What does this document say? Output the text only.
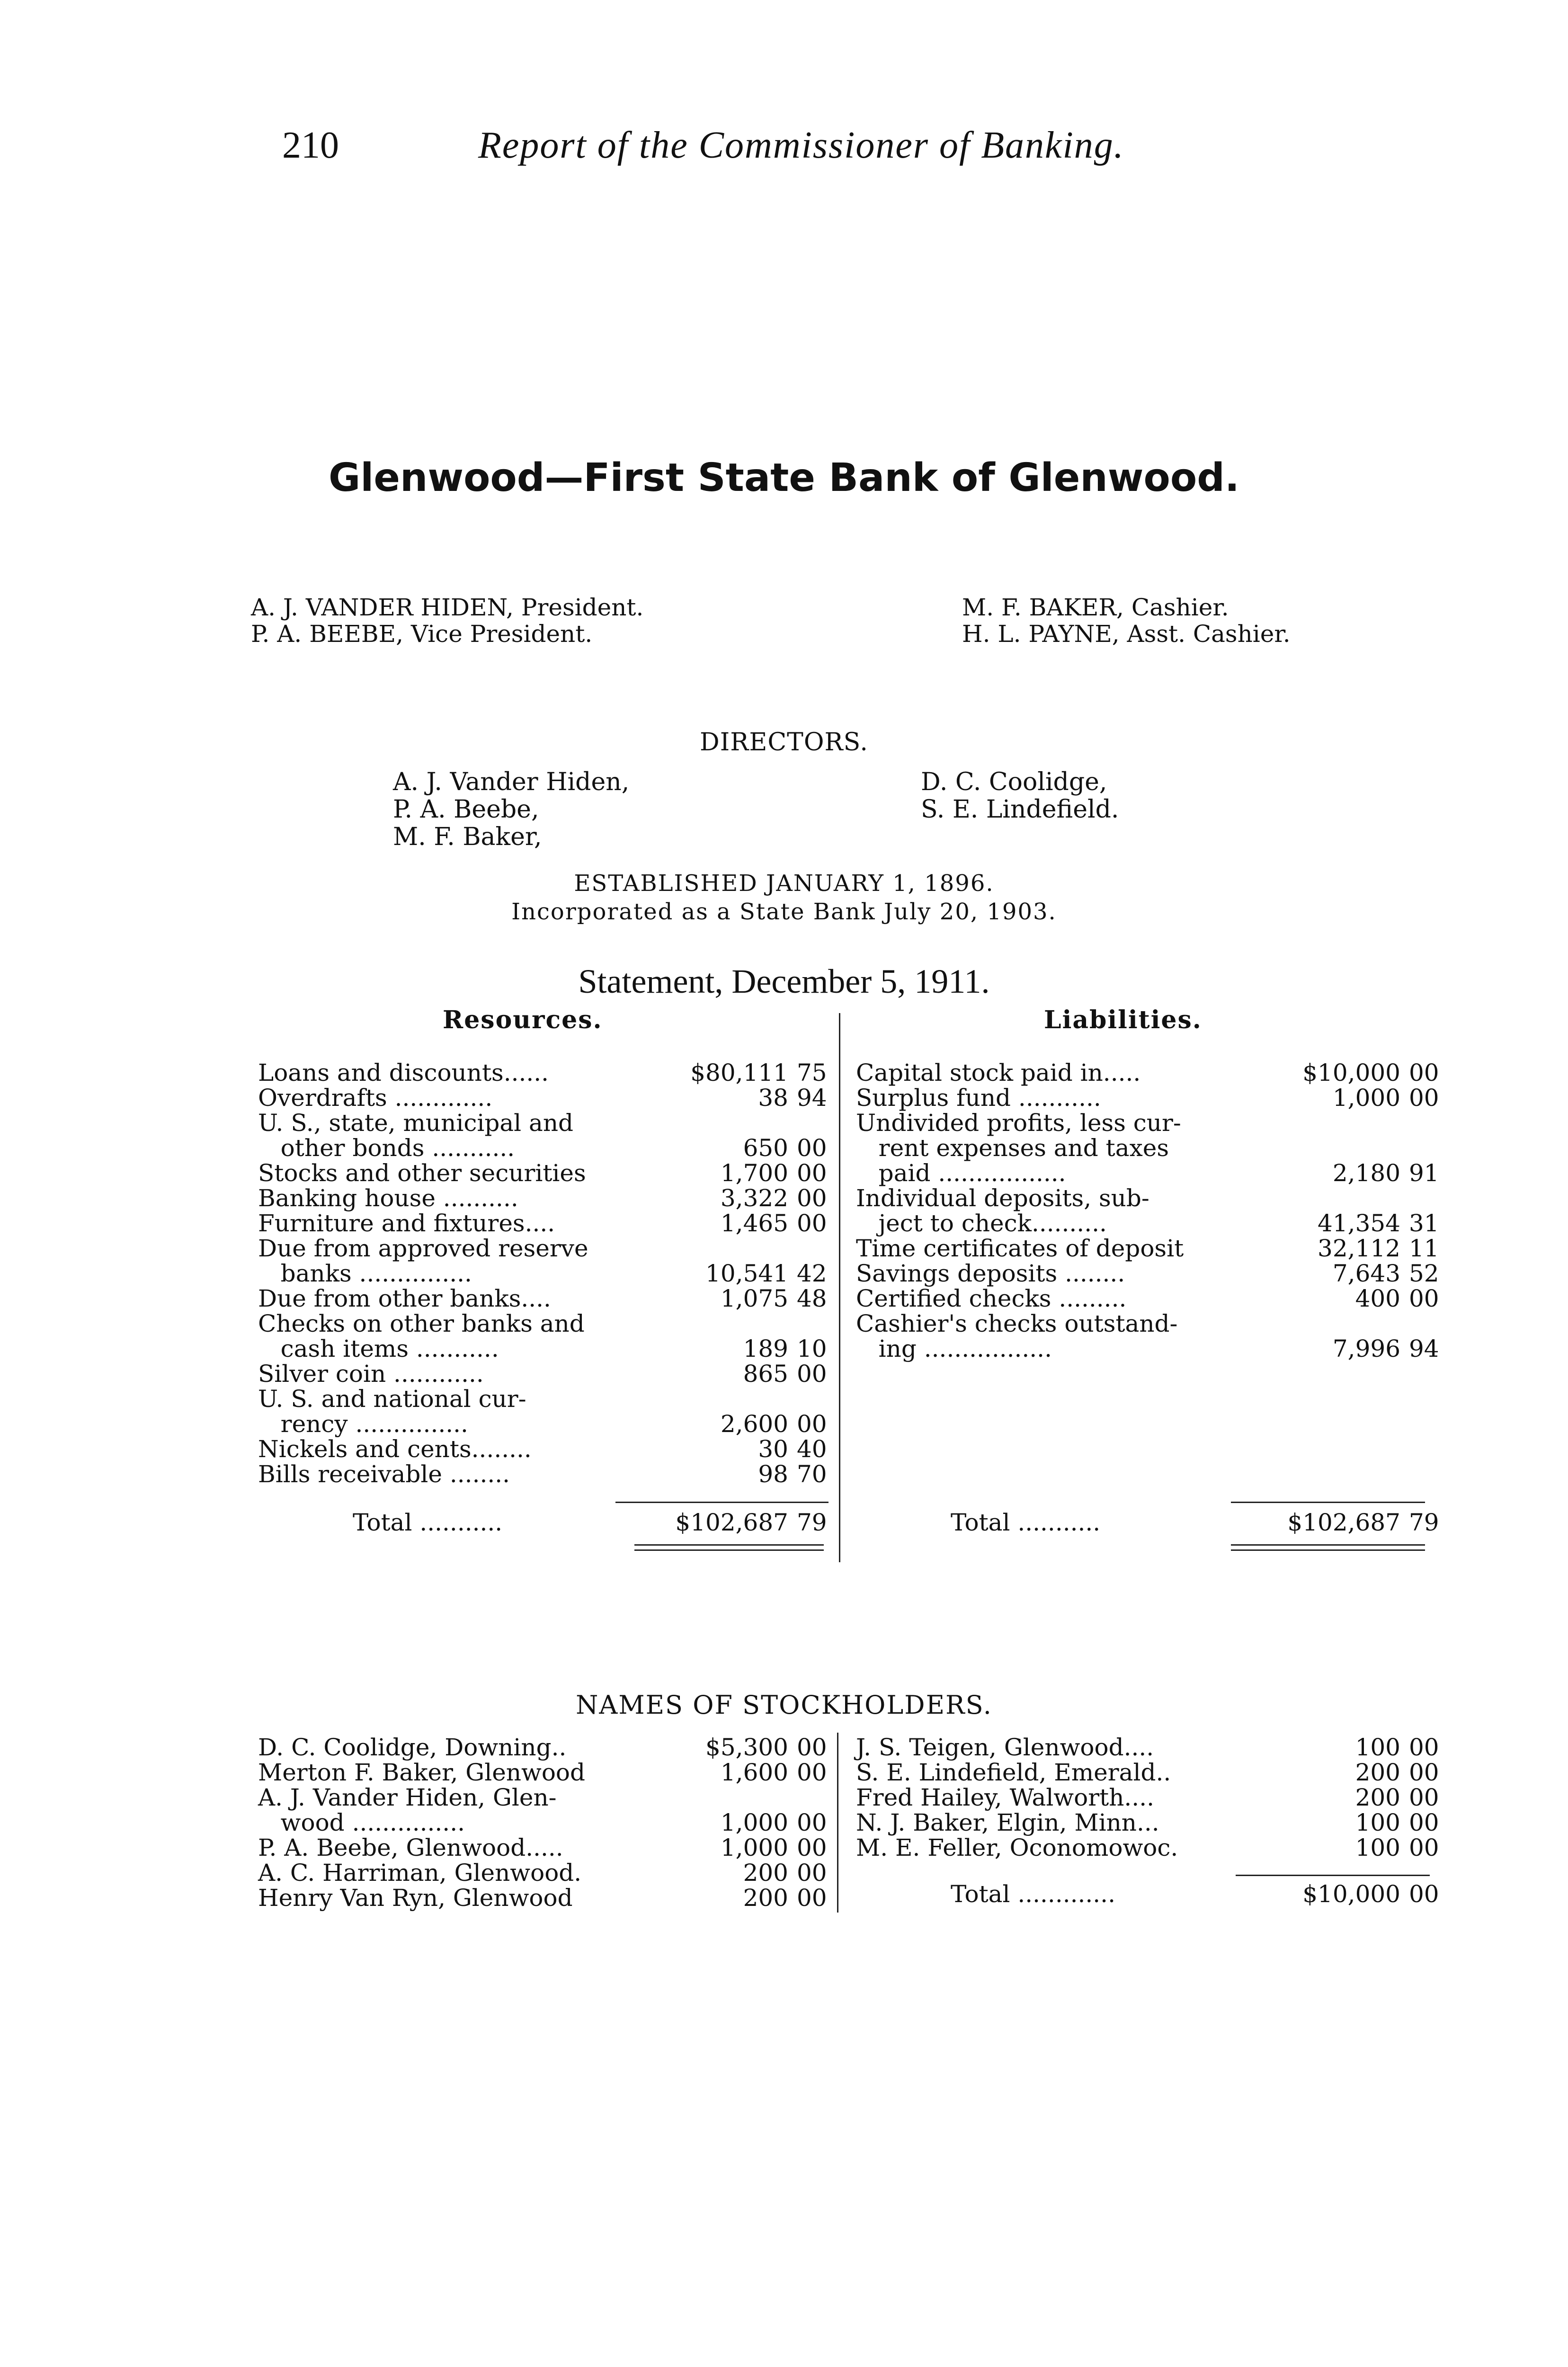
210	Report of the Commissioner of Banking.
Glenwood—First State Bank of Glenwood.
A. J. VANDER HIDEN, President.
P. A. BEEBE, Vice President.
M. F. BAKER, Cashier.
H. L. PAYNE, Asst. Cashier.
DIRECTORS.
A. J. Vander Hiden,
P. A. Beebe,
M. F. Baker,
D. C. Coolidge,
S. E. Lindefield.
ESTABLISHED JANUARY 1, 1896.
Incorporated as a State Bank July 20, 1903.
Statement, December 5, 1911.
Resources.	Liabilities.
Loans and discounts......	$80,111 75
Overdrafts .............	38 94
U. S., state, municipal and
other bonds ...........	650 00
Stocks and other securities	1,700 00
Banking house ..........	3,322 00
Furniture and fixtures....	1,465 00
Due from approved reserve
banks ...............	10,541 42
Due from other banks....	1,075 48
Checks on other banks and
cash items ...........	189 10
Silver coin ............	865 00
U. S. and national cur-
rency ...............	2,600 00
Nickels and cents........	30 40
Bills receivable ........	98 70
Capital stock paid in.....	$10,000 00
Surplus fund ...........	1,000 00
Undivided profits, less cur-
rent expenses and taxes
paid .................	2,180 91
Individual deposits, sub-
ject to check..........	41,354 31
Time certificates of deposit	32,112 11
Savings deposits ........	7,643 52
Certified checks .........	400 00
Cashier's checks outstand-
ing .................	7,996 94
Total ...........	$102,687 79	Total ...........	$102,687 79
NAMES OF STOCKHOLDERS.
D. C. Coolidge, Downing..	$5,300 00
Merton F. Baker, Glenwood	1,600 00
A. J. Vander Hiden, Glen-
wood ...............	1,000 00
P. A. Beebe, Glenwood.....	1,000 00
A. C. Harriman, Glenwood.	200 00
Henry Van Ryn, Glenwood	200 00
J. S. Teigen, Glenwood....	100 00
S. E. Lindefield, Emerald..	200 00
Fred Hailey, Walworth....	200 00
N. J. Baker, Elgin, Minn...	100 00
M. E. Feller, Oconomowoc.	100 00
Total .............	$10,000 00
